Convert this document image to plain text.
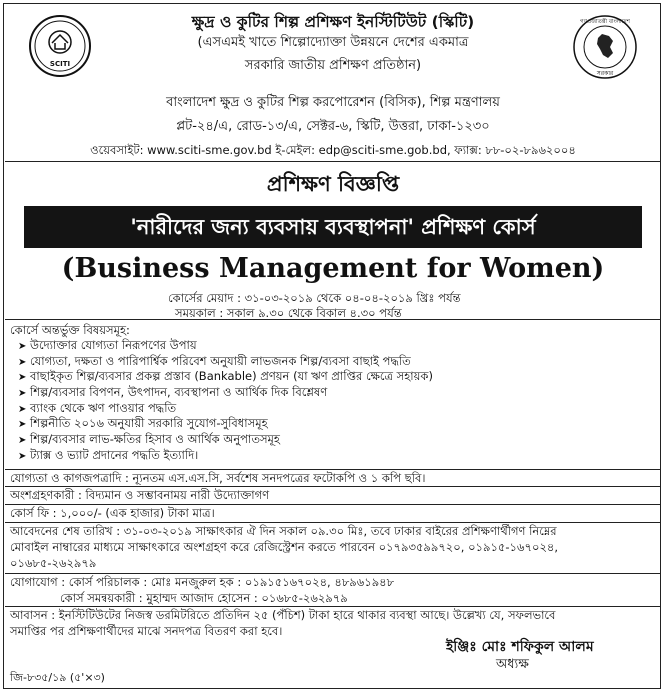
SCITI
গণপ্রজাতন্ত্রী বাংলাদেশ
সরকার
ক্ষুদ্র ও কুটির শিল্প প্রশিক্ষণ ইনস্টিটিউট (স্কিটি)
(এসএমই খাতে শিল্পোদ্যোক্তা উন্নয়নে দেশের একমাত্র
সরকারি জাতীয় প্রশিক্ষণ প্রতিষ্ঠান)
বাংলাদেশ ক্ষুদ্র ও কুটির শিল্প করপোরেশন (বিসিক), শিল্প মন্ত্রণালয়
প্লট-২৪/এ, রোড-১৩/এ, সেক্টর-৬, স্কিটি, উত্তরা, ঢাকা-১২৩০
ওয়েবসাইট: www.sciti-sme.gov.bd ই-মেইল: edp@sciti-sme.gob.bd, ফ্যাক্স: ৮৮-০২-৮৯৬২০০৪
প্রশিক্ষণ বিজ্ঞপ্তি
'নারীদের জন্য ব্যবসায় ব্যবস্থাপনা' প্রশিক্ষণ কোর্স
(Business Management for Women)
কোর্সের মেয়াদ : ৩১-০৩-২০১৯ থেকে ০৪-০৪-২০১৯ খ্রিঃ পর্যন্ত
সময়কাল : সকাল ৯.৩০ থেকে বিকাল ৪.৩০ পর্যন্ত
কোর্সে অন্তর্ভুক্ত বিষয়সমূহ:
➤ উদ্যোক্তার যোগ্যতা নিরূপণের উপায়
➤ যোগ্যতা, দক্ষতা ও পারিপার্শ্বিক পরিবেশ অনুযায়ী লাভজনক শিল্প/ব্যবসা বাছাই পদ্ধতি
➤ বাছাইকৃত শিল্প/ব্যবসার প্রকল্প প্রস্তাব (Bankable) প্রণয়ন (যা ঋণ প্রাপ্তির ক্ষেত্রে সহায়ক)
➤ শিল্প/ব্যবসার বিপণন, উৎপাদন, ব্যবস্থাপনা ও আর্থিক দিক বিশ্লেষণ
➤ ব্যাংক থেকে ঋণ পাওয়ার পদ্ধতি
➤ শিল্পনীতি ২০১৬ অনুযায়ী সরকারি সুযোগ-সুবিধাসমূহ
➤ শিল্প/ব্যবসার লাভ-ক্ষতির হিসাব ও আর্থিক অনুপাতসমূহ
➤ ট্যাক্স ও ভ্যাট প্রদানের পদ্ধতি ইত্যাদি।
যোগ্যতা ও কাগজপত্রাদি : ন্যূনতম এস.এস.সি, সর্বশেষ সনদপত্রের ফটোকপি ও ১ কপি ছবি।
অংশগ্রহণকারী : বিদ্যমান ও সম্ভাবনাময় নারী উদ্যোক্তাগণ
কোর্স ফি : ১,০০০/- (এক হাজার) টাকা মাত্র।
আবেদনের শেষ তারিখ : ৩১-০৩-২০১৯ সাক্ষাৎকার ঐ দিন সকাল ০৯.৩০ মিঃ, তবে ঢাকার বাইরের প্রশিক্ষণার্থীগণ নিম্নের
মোবাইল নাম্বারের মাধ্যমে সাক্ষাৎকারে অংশগ্রহণ করে রেজিস্ট্রেশন করতে পারবেন ০১৭৯৩৫৯৯৭২০, ০১৯১৫-১৬৭০২৪,
০১৬৮৫-২৬২৯৭৯
যোগাযোগ : কোর্স পরিচালক : মোঃ মনজুরুল হক : ০১৯১৫১৬৭০২৪, ৪৮৯৬১৯৪৮
কোর্স সমন্বয়কারী : মুহাম্মদ আজাদ হোসেন : ০১৬৮৫-২৬২৯৭৯
আবাসন : ইনস্টিটিউটের নিজস্ব ডরমিটরিতে প্রতিদিন ২৫ (পঁচিশ) টাকা হারে থাকার ব্যবস্থা আছে। উল্লেখ্য যে, সফলভাবে
সমাপ্তির পর প্রশিক্ষণার্থীদের মাঝে সনদপত্র বিতরণ করা হবে।
ইঞ্জিঃ মোঃ শফিকুল আলম
অধ্যক্ষ
জি-৮৩৫/১৯ (৫'×৩)
